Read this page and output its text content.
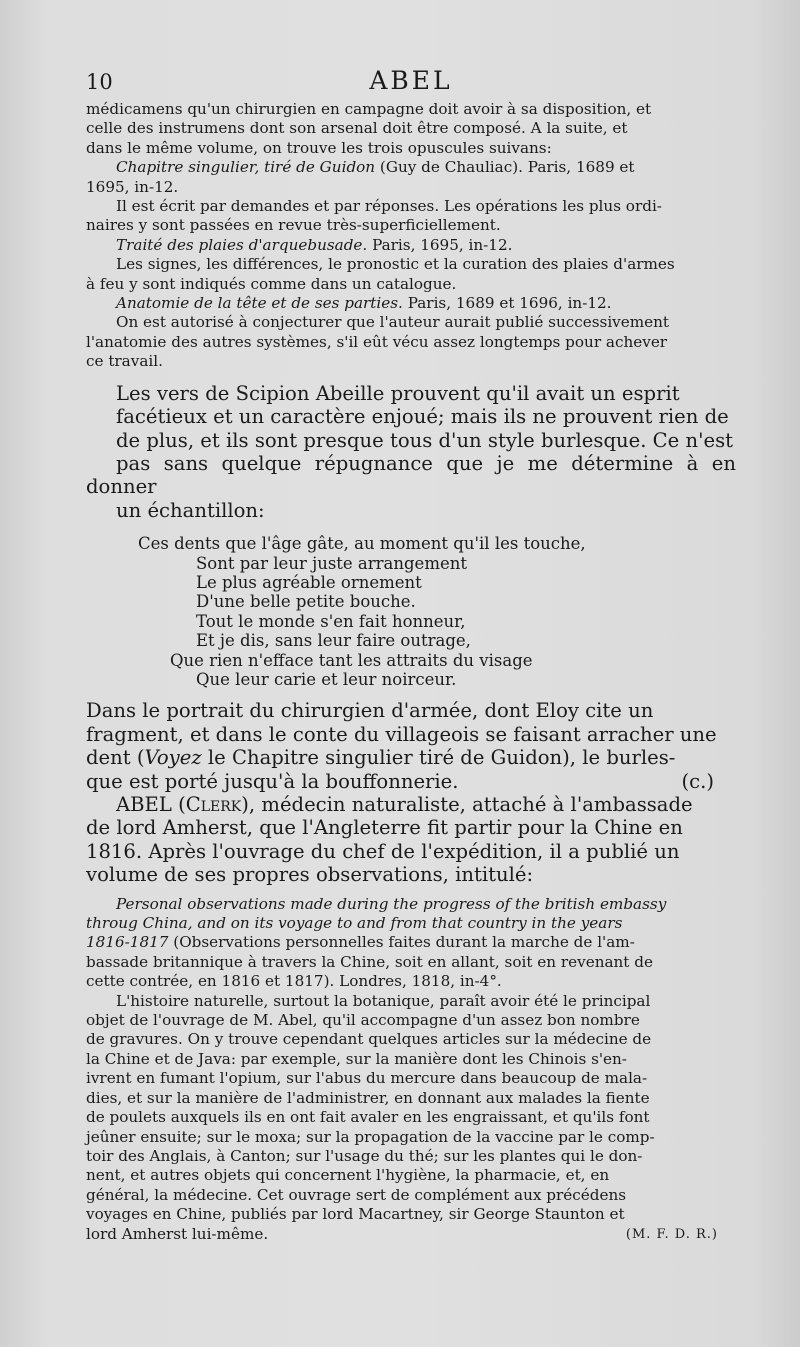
10	ABEL
médicamens qu'un chirurgien en campagne doit avoir à sa disposition, et
celle des instrumens dont son arsenal doit être composé. A la suite, et
dans le même volume, on trouve les trois opuscules suivans:
Chapitre singulier, tiré de Guidon (Guy de Chauliac). Paris, 1689 et
1695, in-12.
Il est écrit par demandes et par réponses. Les opérations les plus ordi-
naires y sont passées en revue très-superficiellement.
Traité des plaies d'arquebusade. Paris, 1695, in-12.
Les signes, les différences, le pronostic et la curation des plaies d'armes
à feu y sont indiqués comme dans un catalogue.
Anatomie de la tête et de ses parties. Paris, 1689 et 1696, in-12.
On est autorisé à conjecturer que l'auteur aurait publié successivement
l'anatomie des autres systèmes, s'il eût vécu assez longtemps pour achever
ce travail.

Les vers de Scipion Abeille prouvent qu'il avait un esprit
facétieux et un caractère enjoué; mais ils ne prouvent rien de
de plus, et ils sont presque tous d'un style burlesque. Ce n'est
pas sans quelque répugnance que je me détermine à en donner
un échantillon:

Ces dents que l'âge gâte, au moment qu'il les touche,
Sont par leur juste arrangement
Le plus agréable ornement
D'une belle petite bouche.
Tout le monde s'en fait honneur,
Et je dis, sans leur faire outrage,
Que rien n'efface tant les attraits du visage
Que leur carie et leur noirceur.
Dans le portrait du chirurgien d'armée, dont Eloy cite un
fragment, et dans le conte du villageois se faisant arracher une
dent (Voyez le Chapitre singulier tiré de Guidon), le burles-
que est porté jusqu'à la bouffonnerie.	(c.)
ABEL (Clerk), médecin naturaliste, attaché à l'ambassade
de lord Amherst, que l'Angleterre fit partir pour la Chine en
1816. Après l'ouvrage du chef de l'expédition, il a publié un
volume de ses propres observations, intitulé:
Personal observations made during the progress of the british embassy
throug China, and on its voyage to and from that country in the years
1816-1817 (Observations personnelles faites durant la marche de l'am-
bassade britannique à travers la Chine, soit en allant, soit en revenant de
cette contrée, en 1816 et 1817). Londres, 1818, in-4°.
L'histoire naturelle, surtout la botanique, paraît avoir été le principal
objet de l'ouvrage de M. Abel, qu'il accompagne d'un assez bon nombre
de gravures. On y trouve cependant quelques articles sur la médecine de
la Chine et de Java: par exemple, sur la manière dont les Chinois s'en-
ivrent en fumant l'opium, sur l'abus du mercure dans beaucoup de mala-
dies, et sur la manière de l'administrer, en donnant aux malades la fiente
de poulets auxquels ils en ont fait avaler en les engraissant, et qu'ils font
jeûner ensuite; sur le moxa; sur la propagation de la vaccine par le comp-
toir des Anglais, à Canton; sur l'usage du thé; sur les plantes qui le don-
nent, et autres objets qui concernent l'hygiène, la pharmacie, et, en
général, la médecine. Cet ouvrage sert de complément aux précédens
voyages en Chine, publiés par lord Macartney, sir George Staunton et
lord Amherst lui-même.	(M. F. D. R.)
